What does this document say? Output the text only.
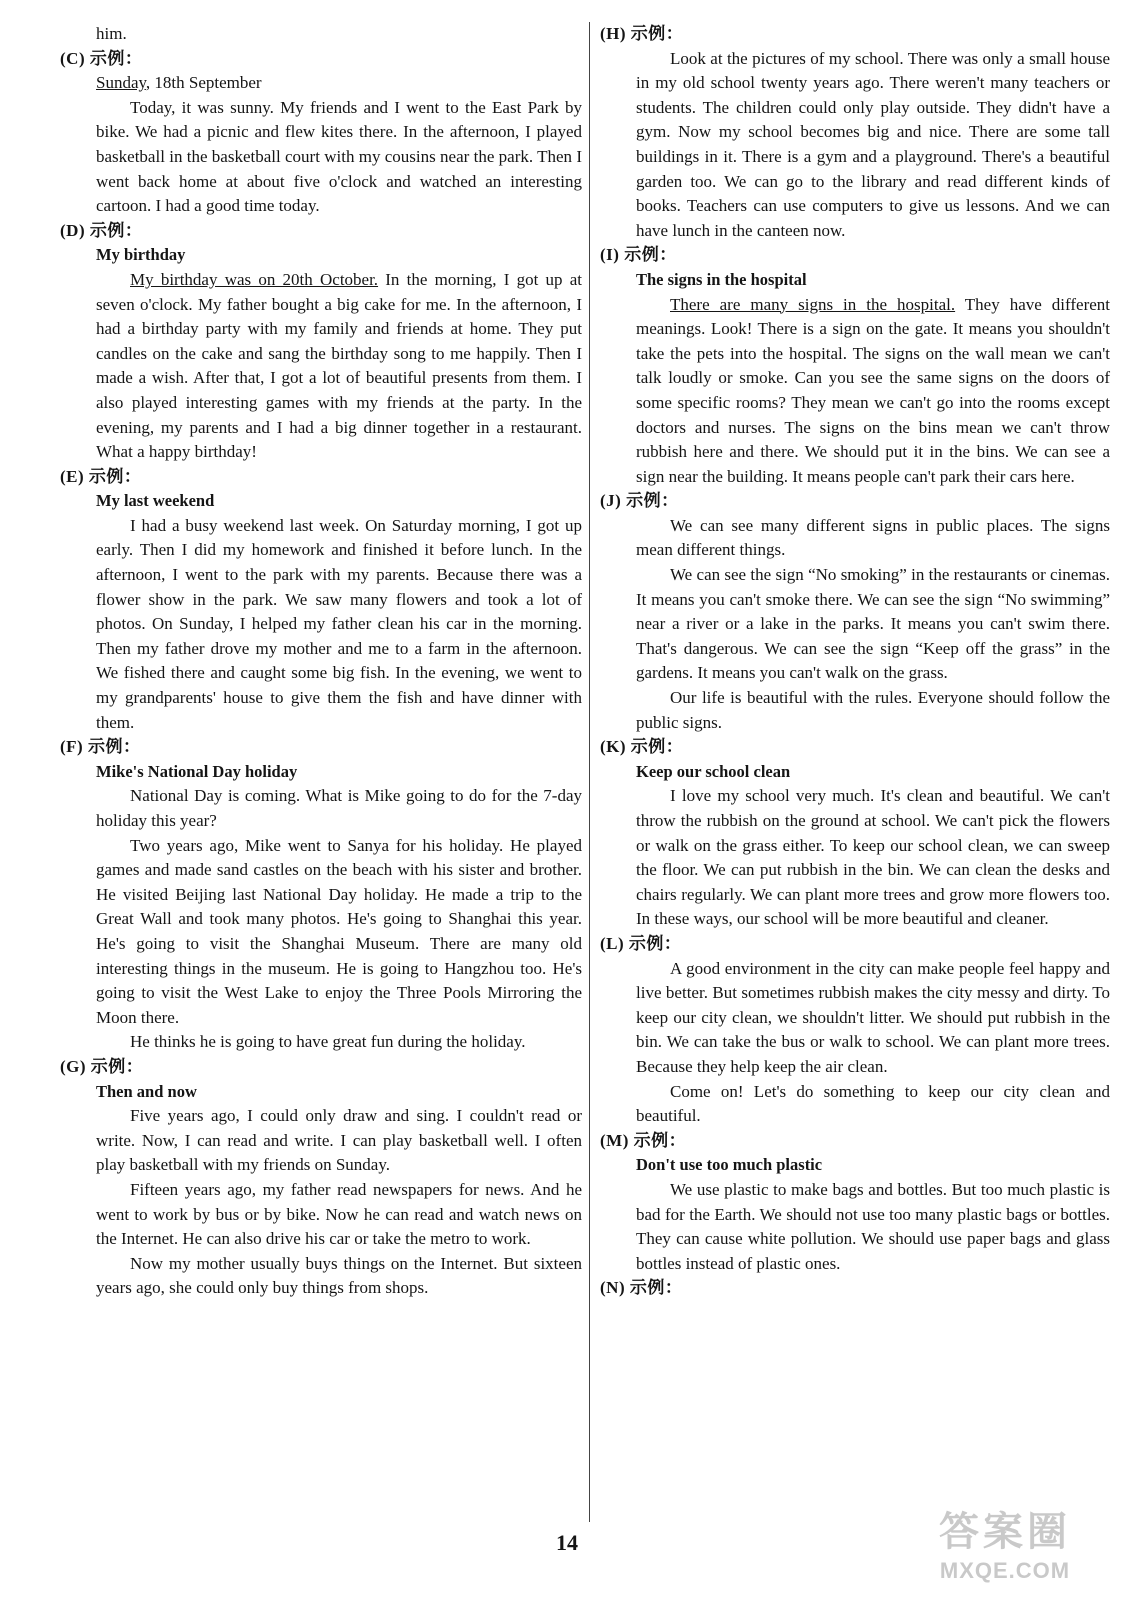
him.

(C) 示例：

Sunday, 18th September

Today, it was sunny. My friends and I went to the East Park by bike. We had a picnic and flew kites there. In the afternoon, I played basketball in the basketball court with my cousins near the park. Then I went back home at about five o'clock and watched an interesting cartoon. I had a good time today.

(D) 示例：

My birthday

My birthday was on 20th October. In the morning, I got up at seven o'clock. My father bought a big cake for me. In the afternoon, I had a birthday party with my family and friends at home. They put candles on the cake and sang the birthday song to me happily. Then I made a wish. After that, I got a lot of beautiful presents from them. I also played interesting games with my friends at the party. In the evening, my parents and I had a big dinner together in a restaurant. What a happy birthday!

(E) 示例：

My last weekend

I had a busy weekend last week. On Saturday morning, I got up early. Then I did my homework and finished it before lunch. In the afternoon, I went to the park with my parents. Because there was a flower show in the park. We saw many flowers and took a lot of photos. On Sunday, I helped my father clean his car in the morning. Then my father drove my mother and me to a farm in the afternoon. We fished there and caught some big fish. In the evening, we went to my grandparents' house to give them the fish and have dinner with them.

(F) 示例：

Mike's National Day holiday

National Day is coming. What is Mike going to do for the 7-day holiday this year?

Two years ago, Mike went to Sanya for his holiday. He played games and made sand castles on the beach with his sister and brother. He visited Beijing last National Day holiday. He made a trip to the Great Wall and took many photos. He's going to Shanghai this year. He's going to visit the Shanghai Museum. There are many old interesting things in the museum. He is going to Hangzhou too. He's going to visit the West Lake to enjoy the Three Pools Mirroring the Moon there.

He thinks he is going to have great fun during the holiday.

(G) 示例：

Then and now

Five years ago, I could only draw and sing. I couldn't read or write. Now, I can read and write. I can play basketball well. I often play basketball with my friends on Sunday.

Fifteen years ago, my father read newspapers for news. And he went to work by bus or by bike. Now he can read and watch news on the Internet. He can also drive his car or take the metro to work.

Now my mother usually buys things on the Internet. But sixteen years ago, she could only buy things from shops.

(H) 示例：

Look at the pictures of my school. There was only a small house in my old school twenty years ago. There weren't many teachers or students. The children could only play outside. They didn't have a gym. Now my school becomes big and nice. There are some tall buildings in it. There is a gym and a playground. There's a beautiful garden too. We can go to the library and read different kinds of books. Teachers can use computers to give us lessons. And we can have lunch in the canteen now.

(I) 示例：

The signs in the hospital

There are many signs in the hospital. They have different meanings. Look! There is a sign on the gate. It means you shouldn't take the pets into the hospital. The signs on the wall mean we can't talk loudly or smoke. Can you see the same signs on the doors of some specific rooms? They mean we can't go into the rooms except doctors and nurses. The signs on the bins mean we can't throw rubbish here and there. We should put it in the bins. We can see a sign near the building. It means people can't park their cars here.

(J) 示例：

We can see many different signs in public places. The signs mean different things.

We can see the sign “No smoking” in the restaurants or cinemas. It means you can't smoke there. We can see the sign “No swimming” near a river or a lake in the parks. It means you can't swim there. That's dangerous. We can see the sign “Keep off the grass” in the gardens. It means you can't walk on the grass.

Our life is beautiful with the rules. Everyone should follow the public signs.

(K) 示例：

Keep our school clean

I love my school very much. It's clean and beautiful. We can't throw the rubbish on the ground at school. We can't pick the flowers or walk on the grass either. To keep our school clean, we can sweep the floor. We can put rubbish in the bin. We can clean the desks and chairs regularly. We can plant more trees and grow more flowers too. In these ways, our school will be more beautiful and cleaner.

(L) 示例：

A good environment in the city can make people feel happy and live better. But sometimes rubbish makes the city messy and dirty. To keep our city clean, we shouldn't litter. We should put rubbish in the bin. We can take the bus or walk to school. We can plant more trees. Because they help keep the air clean.

Come on! Let's do something to keep our city clean and beautiful.

(M) 示例：

Don't use too much plastic

We use plastic to make bags and bottles. But too much plastic is bad for the Earth. We should not use too many plastic bags or bottles. They can cause white pollution. We should use paper bags and glass bottles instead of plastic ones.

(N) 示例：

14	答案圈
MXQE.COM
